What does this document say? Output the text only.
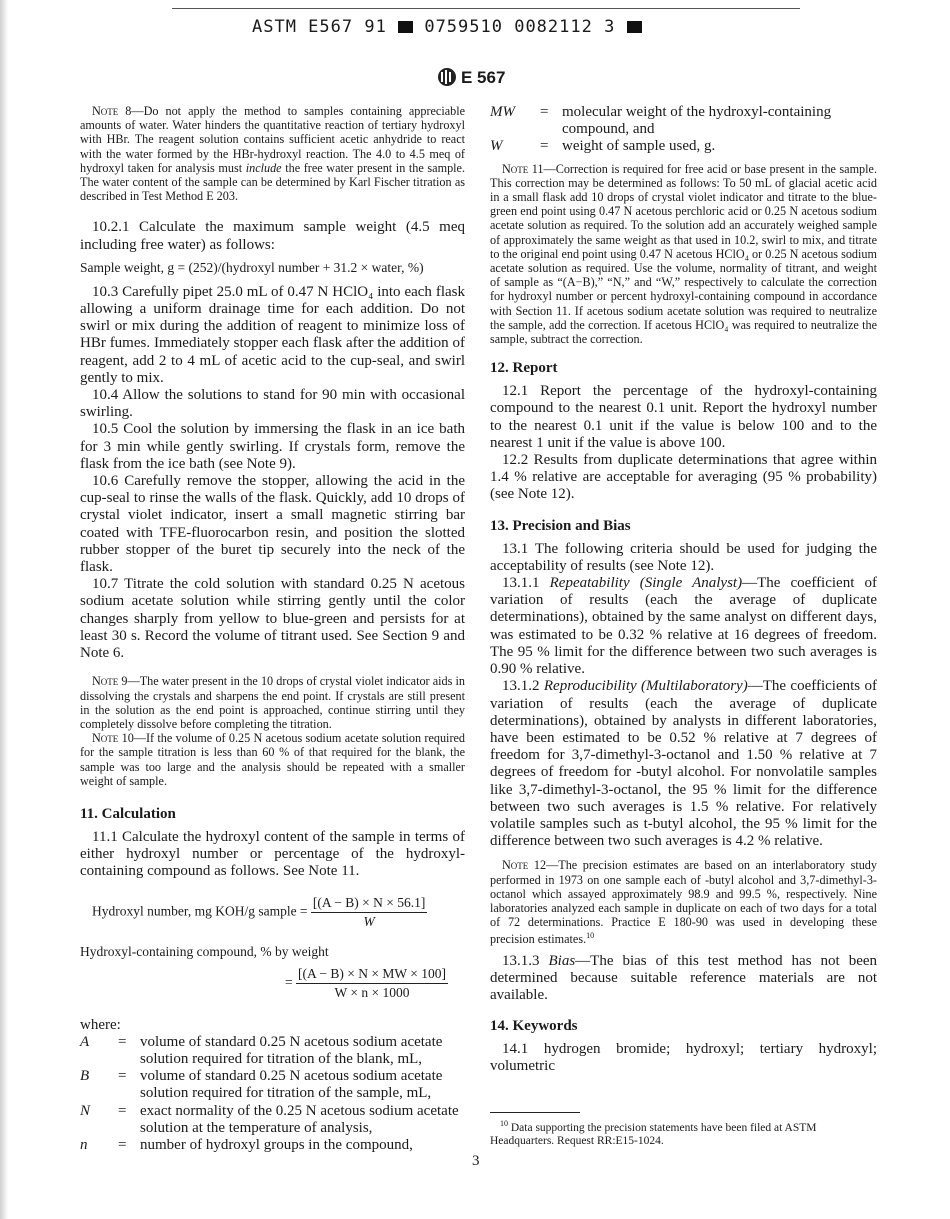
ASTM E567 91 0759510 0082112 3
E 567

Note 8—Do not apply the method to samples containing appreciable amounts of water. Water hinders the quantitative reaction of tertiary hydroxyl with HBr. The reagent solution contains sufficient acetic anhydride to react with the water formed by the HBr-hydroxyl reaction. The 4.0 to 4.5 meq of hydroxyl taken for analysis must include the free water present in the sample. The water content of the sample can be determined by Karl Fischer titration as described in Test Method E 203.

10.2.1 Calculate the maximum sample weight (4.5 meq including free water) as follows:

Sample weight, g = (252)/(hydroxyl number + 31.2 × water, %)

10.3 Carefully pipet 25.0 mL of 0.47 N HClO₄ into each flask allowing a uniform drainage time for each addition. Do not swirl or mix during the addition of reagent to minimize loss of HBr fumes. Immediately stopper each flask after the addition of reagent, add 2 to 4 mL of acetic acid to the cup-seal, and swirl gently to mix.

10.4 Allow the solutions to stand for 90 min with occasional swirling.

10.5 Cool the solution by immersing the flask in an ice bath for 3 min while gently swirling. If crystals form, remove the flask from the ice bath (see Note 9).

10.6 Carefully remove the stopper, allowing the acid in the cup-seal to rinse the walls of the flask. Quickly, add 10 drops of crystal violet indicator, insert a small magnetic stirring bar coated with TFE-fluorocarbon resin, and position the slotted rubber stopper of the buret tip securely into the neck of the flask.

10.7 Titrate the cold solution with standard 0.25 N acetous sodium acetate solution while stirring gently until the color changes sharply from yellow to blue-green and persists for at least 30 s. Record the volume of titrant used. See Section 9 and Note 6.

Note 9—The water present in the 10 drops of crystal violet indicator aids in dissolving the crystals and sharpens the end point. If crystals are still present in the solution as the end point is approached, continue stirring until they completely dissolve before completing the titration.

Note 10—If the volume of 0.25 N acetous sodium acetate solution required for the sample titration is less than 60 % of that required for the blank, the sample was too large and the analysis should be repeated with a smaller weight of sample.

11. Calculation

11.1 Calculate the hydroxyl content of the sample in terms of either hydroxyl number or percentage of the hydroxyl-containing compound as follows. See Note 11.

Hydroxyl number, mg KOH/g sample = $\frac{[(A - B) \times N \times 56.1]}{W}$

Hydroxyl-containing compound, % by weight

= $\frac{[(A - B) \times N \times MW \times 100]}{W \times n \times 1000}$

where:

A	= volume of standard 0.25 N acetous sodium acetate solution required for titration of the blank, mL,
B	= volume of standard 0.25 N acetous sodium acetate solution required for titration of the sample, mL,
N	= exact normality of the 0.25 N acetous sodium acetate solution at the temperature of analysis,
n	= number of hydroxyl groups in the compound,
MW	= molecular weight of the hydroxyl-containing compound, and
W	= weight of sample used, g.

Note 11—Correction is required for free acid or base present in the sample. This correction may be determined as follows: To 50 mL of glacial acetic acid in a small flask add 10 drops of crystal violet indicator and titrate to the blue-green end point using 0.47 N acetous perchloric acid or 0.25 N acetous sodium acetate solution as required. To the solution add an accurately weighed sample of approximately the same weight as that used in 10.2, swirl to mix, and titrate to the original end point using 0.47 N acetous HClO₄ or 0.25 N acetous sodium acetate solution as required. Use the volume, normality of titrant, and weight of sample as “(A−B),” “N,” and “W,” respectively to calculate the correction for hydroxyl number or percent hydroxyl-containing compound in accordance with Section 11. If acetous sodium acetate solution was required to neutralize the sample, add the correction. If acetous HClO₄ was required to neutralize the sample, subtract the correction.

12. Report

12.1 Report the percentage of the hydroxyl-containing compound to the nearest 0.1 unit. Report the hydroxyl number to the nearest 0.1 unit if the value is below 100 and to the nearest 1 unit if the value is above 100.

12.2 Results from duplicate determinations that agree within 1.4 % relative are acceptable for averaging (95 % probability) (see Note 12).

13. Precision and Bias

13.1 The following criteria should be used for judging the acceptability of results (see Note 12).

13.1.1 Repeatability (Single Analyst)—The coefficient of variation of results (each the average of duplicate determinations), obtained by the same analyst on different days, was estimated to be 0.32 % relative at 16 degrees of freedom. The 95 % limit for the difference between two such averages is 0.90 % relative.

13.1.2 Reproducibility (Multilaboratory)—The coefficients of variation of results (each the average of duplicate determinations), obtained by analysts in different laboratories, have been estimated to be 0.52 % relative at 7 degrees of freedom for 3,7-dimethyl-3-octanol and 1.50 % relative at 7 degrees of freedom for -butyl alcohol. For nonvolatile samples like 3,7-dimethyl-3-octanol, the 95 % limit for the difference between two such averages is 1.5 % relative. For relatively volatile samples such as t-butyl alcohol, the 95 % limit for the difference between two such averages is 4.2 % relative.

Note 12—The precision estimates are based on an interlaboratory study performed in 1973 on one sample each of -butyl alcohol and 3,7-dimethyl-3-octanol which assayed approximately 98.9 and 99.5 %, respectively. Nine laboratories analyzed each sample in duplicate on each of two days for a total of 72 determinations. Practice E 180-90 was used in developing these precision estimates.$^{10}$

13.1.3 Bias—The bias of this test method has not been determined because suitable reference materials are not available.

14. Keywords

14.1 hydrogen bromide; hydroxyl; tertiary hydroxyl; volumetric

$^{10}$ Data supporting the precision statements have been filed at ASTM Headquarters. Request RR:E15-1024.

3
